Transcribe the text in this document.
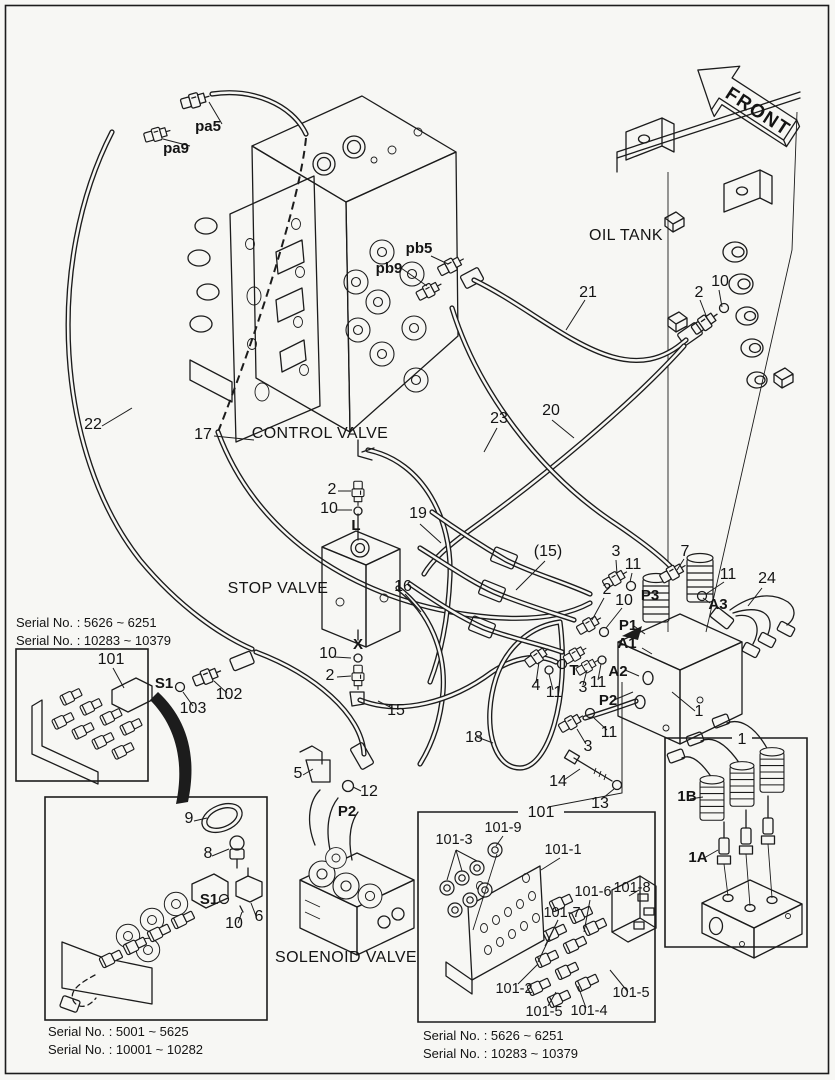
FRONT
OIL TANK
CONTROL VALVE
STOP VALVE
SOLENOID VALVE
pa5
pa9
pb5
pb9
P3
A3
P1
A1
A2
T
P2
P2
S1
S1
L
X
1B
1A
21	2
10
22
17
23 20
2
10	19
16
(15)	3
11
2
10
7
11 24
4 11 3 11
11
3
10
2
15
18
5
12
14
13
1
101
102
103
9
8
10 6
101
1
101-9
101-3
101-1
101-6 101-8
101-7
101-2	101-5
101-5 101-4
Serial No. : 5626 ~ 6251
Serial No. : 10283 ~ 10379
Serial No. : 5001 ~ 5625
Serial No. : 10001 ~ 10282
Serial No. : 5626 ~ 6251
Serial No. : 10283 ~ 10379
